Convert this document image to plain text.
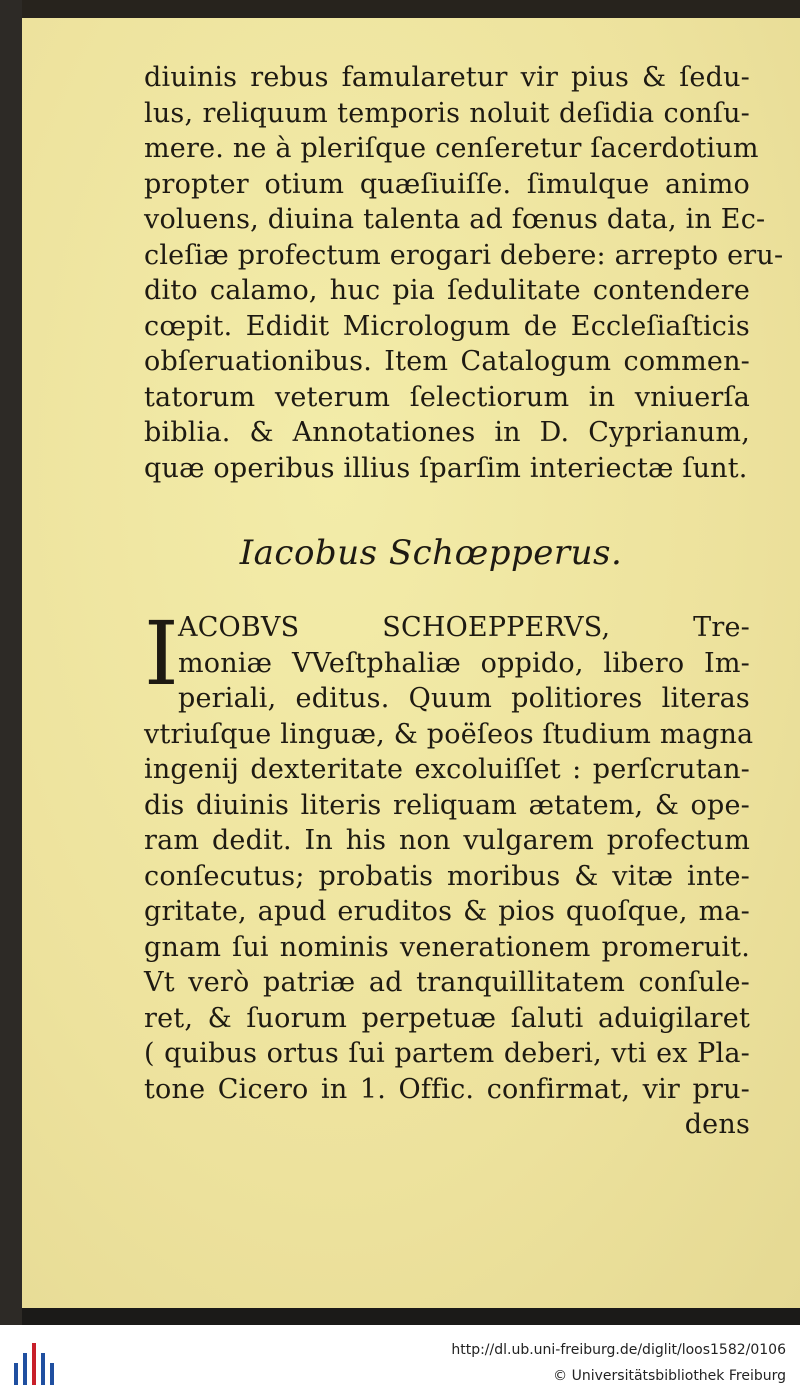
diuinis rebus famularetur vir pius & ſedu-
lus, reliquum temporis noluit deſidia conſu-
mere. ne à pleriſque cenſeretur ſacerdotium
propter otium quæſiuiſſe. ſimulque animo
voluens, diuina talenta ad fœnus data, in Ec-
cleſiæ profectum erogari debere: arrepto eru-
dito calamo, huc pia ſedulitate contendere
cœpit. Edidit Micrologum de Eccleſiaſticis
obſeruationibus. Item Catalogum commen-
tatorum veterum ſelectiorum in vniuerſa
biblia. & Annotationes in D. Cyprianum,
quæ operibus illius ſparſim interiectæ ſunt.
Iacobus Schœpperus.
I ACOBVS SCHOEPPERVS, Tre-
moniæ VVeſtphaliæ oppido, libero Im-
periali, editus. Quum politiores literas
vtriuſque linguæ, & poëſeos ſtudium magna
ingenij dexteritate excoluiſſet : perſcrutan-
dis diuinis literis reliquam ætatem, & ope-
ram dedit. In his non vulgarem profectum
conſecutus; probatis moribus & vitæ inte-
gritate, apud eruditos & pios quoſque, ma-
gnam ſui nominis venerationem promeruit.
Vt verò patriæ ad tranquillitatem conſule-
ret, & ſuorum perpetuæ ſaluti aduigilaret
( quibus ortus ſui partem deberi, vti ex Pla-
tone Cicero in 1. Offic. confirmat, vir pru-
dens
http://dl.ub.uni-freiburg.de/diglit/loos1582/0106
© Universitätsbibliothek Freiburg
